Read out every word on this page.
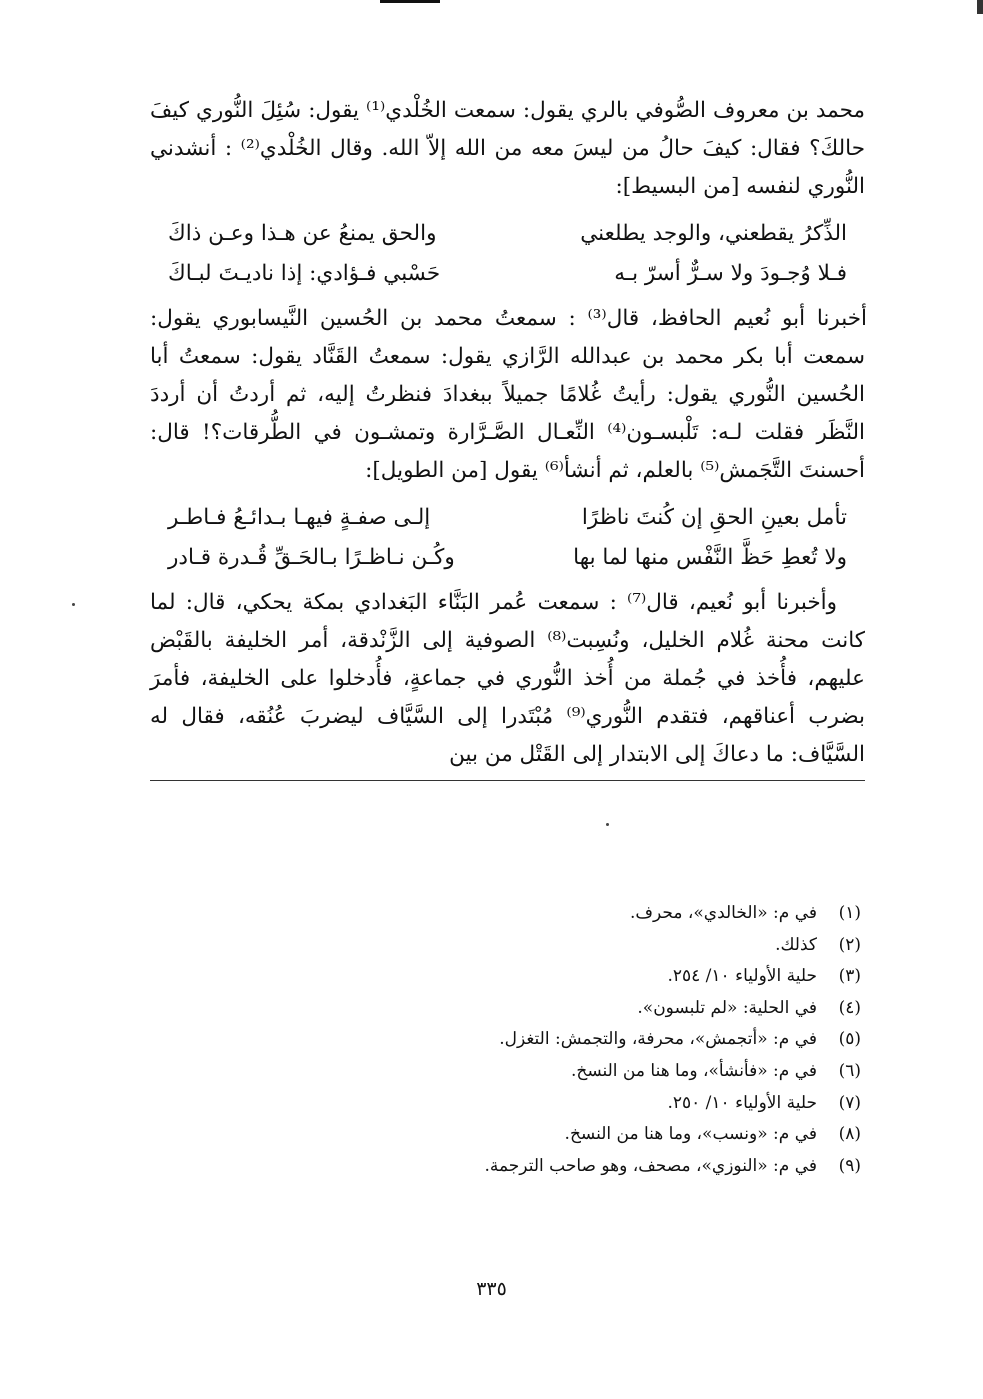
محمد بن معروف الصُّوفي بالري يقول: سمعت الخُلْدي⁽¹⁾ يقول: سُئِلَ النُّوري كيفَ حالكَ؟ فقال: كيفَ حالُ من ليسَ معه من الله إلاّ الله. وقال الخُلْدي⁽²⁾ : أنشدني النُّوري لنفسه [من البسيط]:

الذِّكرُ يقطعني، والوجد يطلعني
والحق يمنعُ عن هـذا وعـن ذاكَ
فـلا وُجـودَ ولا سـرٌّ أسرّ بـه
حَسْبي فـؤادي: إذا ناديـتَ لبـاكَ

أخبرنا أبو نُعيم الحافظ، قال⁽³⁾ : سمعتُ محمد بن الحُسين النَّيسابوري يقول: سمعت أبا بكر محمد بن عبدالله الرَّازي يقول: سمعتُ القَنَّاد يقول: سمعتُ أبا الحُسين النُّوري يقول: رأيتُ غُلامًا جميلاً ببغدادَ فنظرتُ إليه، ثم أردتُ أن أرددَ النَّظَر فقلت لـه: تَلْبسـون⁽⁴⁾ النِّعـال الصَّـرَّارة وتمشـون في الطُّرقات؟! قال: أحسنتَ التَّجَمش⁽⁵⁾ بالعلم، ثم أنشأ⁽⁶⁾ يقول [من الطويل]:

تأمل بعينِ الحقِ إن كُنتَ ناظرًا
إلـى صفـةٍ فيهـا بـدائـعُ فـاطـر
ولا تُعطِ حَظَّ النَّفْس منها لما بها
وكُـن نـاظـرًا بـالحَـقِّ قُـدرة قـادر

وأخبرنا أبو نُعيم، قال⁽⁷⁾ : سمعت عُمر البَنَّاء البَغدادي بمكة يحكي، قال: لما كانت محنة غُلام الخليل، ونُسِبت⁽⁸⁾ الصوفية إلى الزَّنْدقة، أمر الخليفة بالقَبْض عليهم، فأُخذ في جُملة من أُخذ النُّوري في جماعةٍ، فأُدخلوا على الخليفة، فأمرَ بضرب أعناقهم، فتقدم النُّوري⁽⁹⁾ مُبْتَدرا إلى السَّيَّاف ليضربَ عُنُقه، فقال له السَّيَّاف: ما دعاكَ إلى الابتدار إلى القَتْل من بين

(١)
في م: «الخالدي»، محرف.
(٢)
كذلك.
(٣)
حلية الأولياء ١٠/ ٢٥٤.
(٤)
في الحلية: «لم تلبسون».
(٥)
في م: «أتجمش»، محرفة، والتجمش: التغزل.
(٦)
في م: «فأنشأ»، وما هنا من النسخ.
(٧)
حلية الأولياء ١٠/ ٢٥٠.
(٨)
في م: «ونسب»، وما هنا من النسخ.
(٩)
في م: «النوزي»، مصحف، وهو صاحب الترجمة.
٣٣٥
